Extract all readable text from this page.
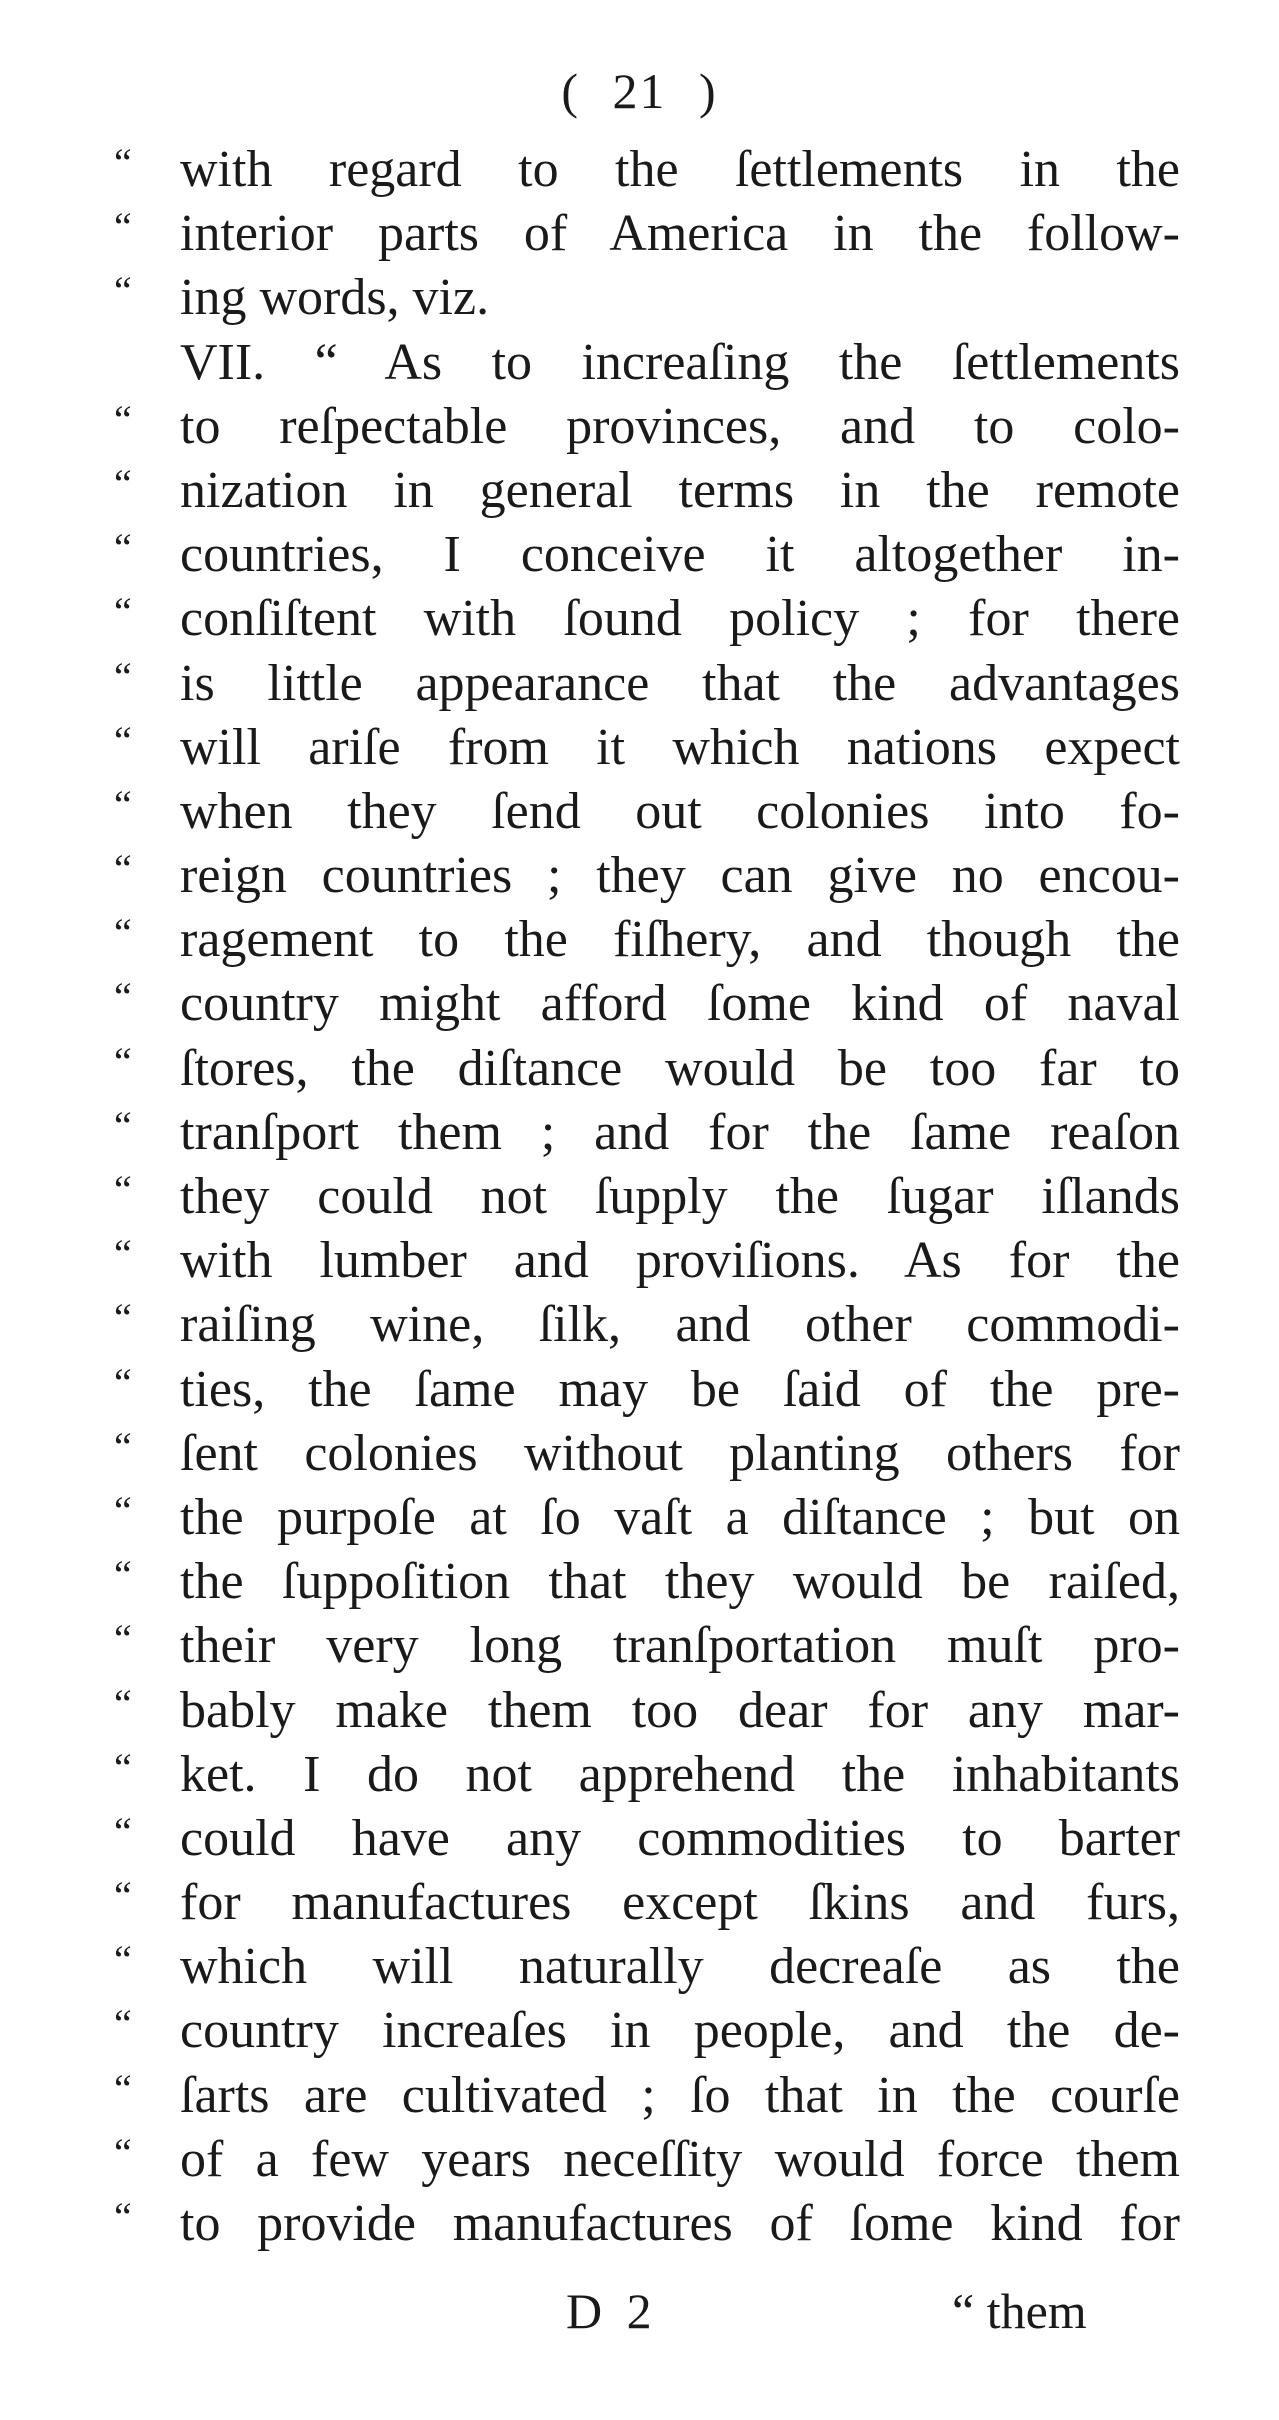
( 21 )
“ with regard to the ſettlements in the
“ interior parts of America in the follow-
“ ing words, viz.
VII. “ As to increaſing the ſettlements
“ to reſpectable provinces, and to colo-
“ nization in general terms in the remote
“ countries, I conceive it altogether in-
“ conſiſtent with ſound policy ; for there
“ is little appearance that the advantages
“ will ariſe from it which nations expect
“ when they ſend out colonies into fo-
“ reign countries ; they can give no encou-
“ ragement to the fiſhery, and though the
“ country might afford ſome kind of naval
“ ſtores, the diſtance would be too far to
“ tranſport them ; and for the ſame reaſon
“ they could not ſupply the ſugar iſlands
“ with lumber and proviſions. As for the
“ raiſing wine, ſilk, and other commodi-
“ ties, the ſame may be ſaid of the pre-
“ ſent colonies without planting others for
“ the purpoſe at ſo vaſt a diſtance ; but on
“ the ſuppoſition that they would be raiſed,
“ their very long tranſportation muſt pro-
“ bably make them too dear for any mar-
“ ket. I do not apprehend the inhabitants
“ could have any commodities to barter
“ for manufactures except ſkins and furs,
“ which will naturally decreaſe as the
“ country increaſes in people, and the de-
“ ſarts are cultivated ; ſo that in the courſe
“ of a few years neceſſity would force them
“ to provide manufactures of ſome kind for
D 2	“ them
